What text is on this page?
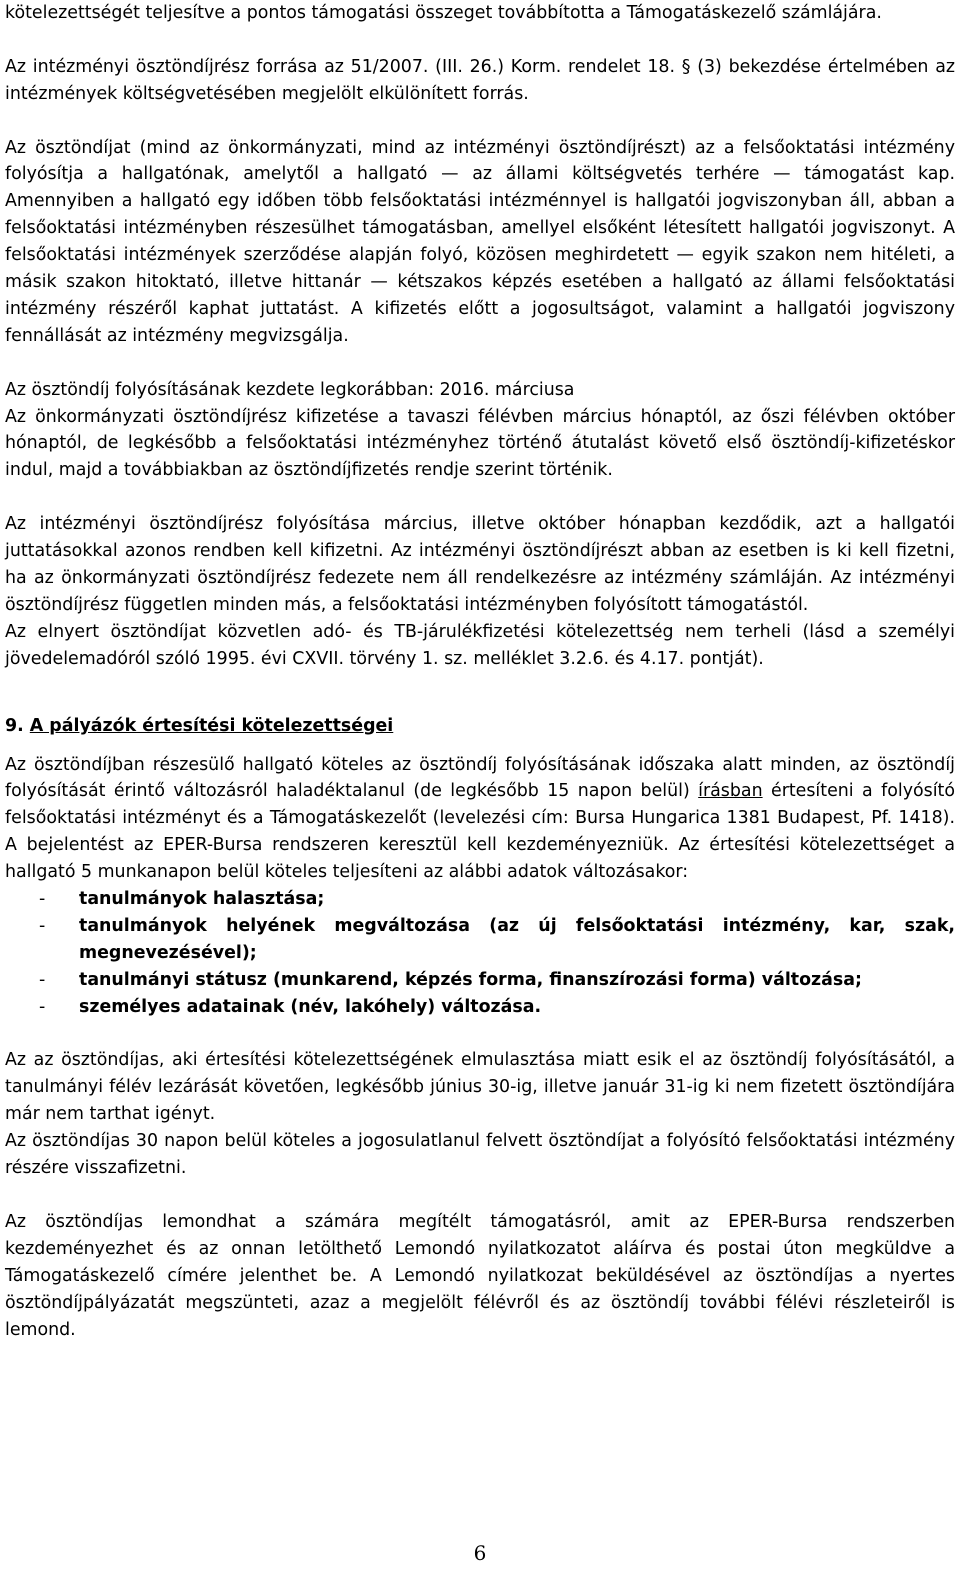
kötelezettségét teljesítve a pontos támogatási összeget továbbította a Támogatáskezelő számlájára.

Az intézményi ösztöndíjrész forrása az 51/2007. (III. 26.) Korm. rendelet 18. § (3) bekezdése értelmében az intézmények költségvetésében megjelölt elkülönített forrás.

Az ösztöndíjat (mind az önkormányzati, mind az intézményi ösztöndíjrészt) az a felsőoktatási intézmény folyósítja a hallgatónak, amelytől a hallgató — az állami költségvetés terhére — támogatást kap. Amennyiben a hallgató egy időben több felsőoktatási intézménnyel is hallgatói jogviszonyban áll, abban a felsőoktatási intézményben részesülhet támogatásban, amellyel elsőként létesített hallgatói jogviszonyt. A felsőoktatási intézmények szerződése alapján folyó, közösen meghirdetett — egyik szakon nem hitéleti, a másik szakon hitoktató, illetve hittanár — kétszakos képzés esetében a hallgató az állami felsőoktatási intézmény részéről kaphat juttatást. A kifizetés előtt a jogosultságot, valamint a hallgatói jogviszony fennállását az intézmény megvizsgálja.

Az ösztöndíj folyósításának kezdete legkorábban: 2016. márciusa

Az önkormányzati ösztöndíjrész kifizetése a tavaszi félévben március hónaptól, az őszi félévben október hónaptól, de legkésőbb a felsőoktatási intézményhez történő átutalást követő első ösztöndíj-kifizetéskor indul, majd a továbbiakban az ösztöndíjfizetés rendje szerint történik.

Az intézményi ösztöndíjrész folyósítása március, illetve október hónapban kezdődik, azt a hallgatói juttatásokkal azonos rendben kell kifizetni. Az intézményi ösztöndíjrészt abban az esetben is ki kell fizetni, ha az önkormányzati ösztöndíjrész fedezete nem áll rendelkezésre az intézmény számláján. Az intézményi ösztöndíjrész független minden más, a felsőoktatási intézményben folyósított támogatástól.

Az elnyert ösztöndíjat közvetlen adó- és TB-járulékfizetési kötelezettség nem terheli (lásd a személyi jövedelemadóról szóló 1995. évi CXVII. törvény 1. sz. melléklet 3.2.6. és 4.17. pontját).

9. A pályázók értesítési kötelezettségei

Az ösztöndíjban részesülő hallgató köteles az ösztöndíj folyósításának időszaka alatt minden, az ösztöndíj folyósítását érintő változásról haladéktalanul (de legkésőbb 15 napon belül) írásban értesíteni a folyósító felsőoktatási intézményt és a Támogatáskezelőt (levelezési cím: Bursa Hungarica 1381 Budapest, Pf. 1418). A bejelentést az EPER-Bursa rendszeren keresztül kell kezdeményezniük. Az értesítési kötelezettséget a hallgató 5 munkanapon belül köteles teljesíteni az alábbi adatok változásakor:

- tanulmányok halasztása;
- tanulmányok helyének megváltozása (az új felsőoktatási intézmény, kar, szak, megnevezésével);
- tanulmányi státusz (munkarend, képzés forma, finanszírozási forma) változása;
- személyes adatainak (név, lakóhely) változása.

Az az ösztöndíjas, aki értesítési kötelezettségének elmulasztása miatt esik el az ösztöndíj folyósításától, a tanulmányi félév lezárását követően, legkésőbb június 30-ig, illetve január 31-ig ki nem fizetett ösztöndíjára már nem tarthat igényt.

Az ösztöndíjas 30 napon belül köteles a jogosulatlanul felvett ösztöndíjat a folyósító felsőoktatási intézmény részére visszafizetni.

Az ösztöndíjas lemondhat a számára megítélt támogatásról, amit az EPER-Bursa rendszerben kezdeményezhet és az onnan letölthető Lemondó nyilatkozatot aláírva és postai úton megküldve a Támogatáskezelő címére jelenthet be. A Lemondó nyilatkozat beküldésével az ösztöndíjas a nyertes ösztöndíjpályázatát megszünteti, azaz a megjelölt félévről és az ösztöndíj további félévi részleteiről is lemond.

6
